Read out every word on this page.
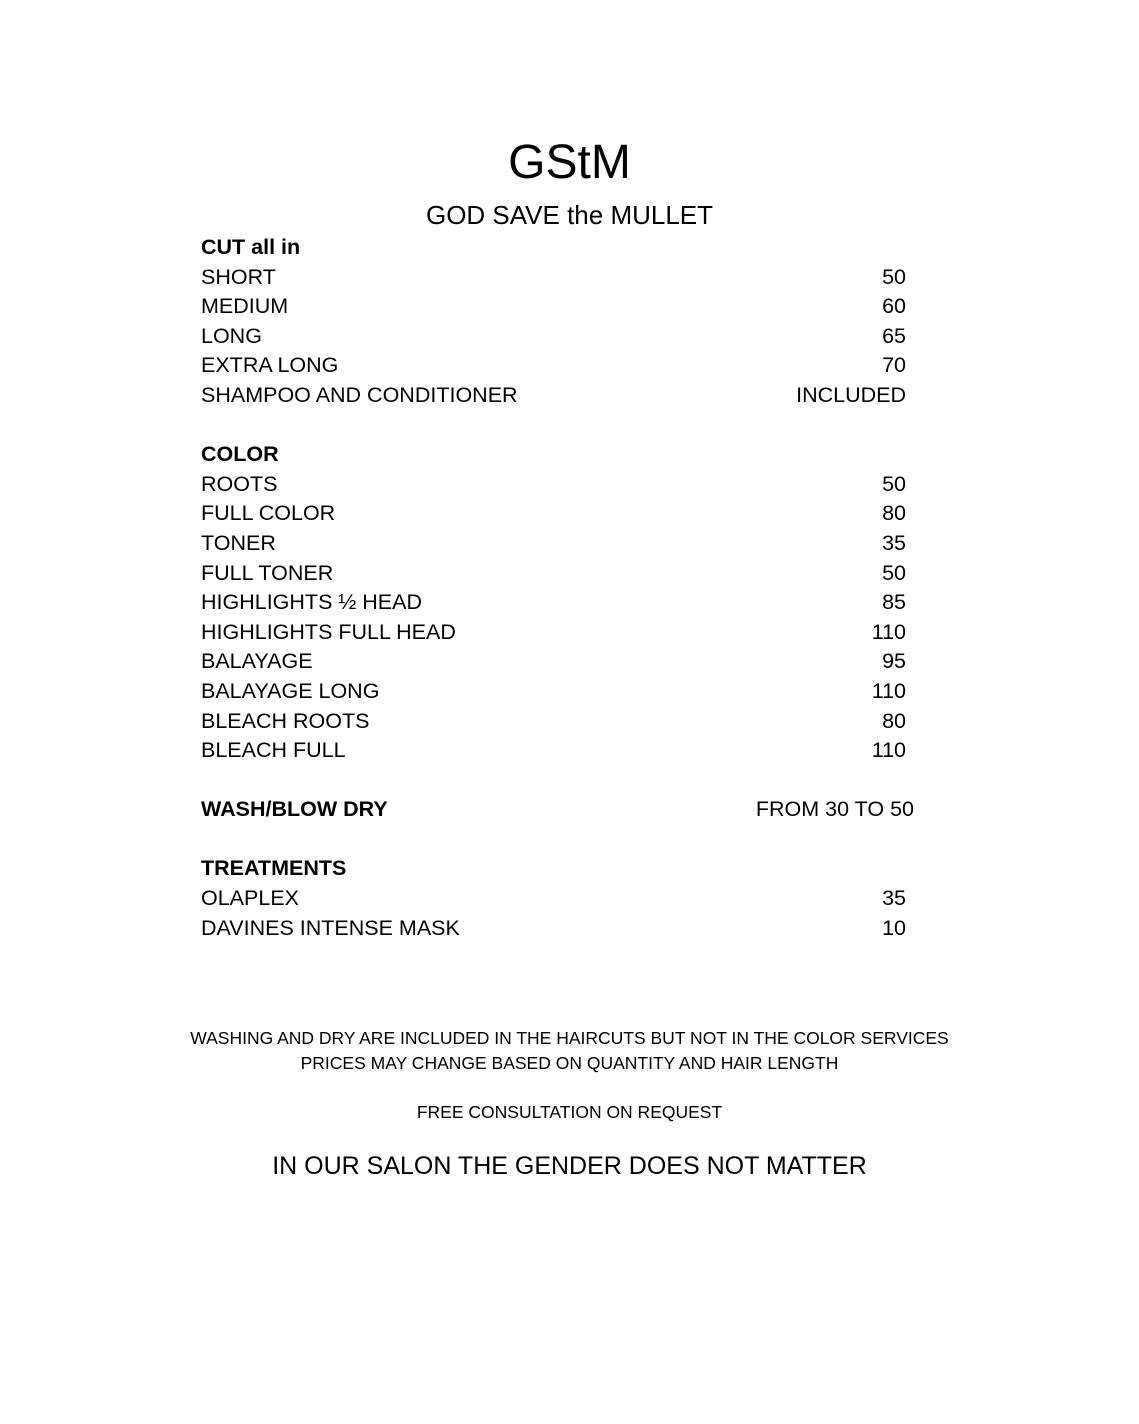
GStM
GOD SAVE the MULLET
CUT all in
SHORT	50
MEDIUM	60
LONG	65
EXTRA LONG	70
SHAMPOO AND CONDITIONER	INCLUDED
COLOR
ROOTS	50
FULL COLOR	80
TONER	35
FULL TONER	50
HIGHLIGHTS ½ HEAD	85
HIGHLIGHTS FULL HEAD	110
BALAYAGE	95
BALAYAGE LONG	110
BLEACH ROOTS	80
BLEACH FULL	110
WASH/BLOW DRY	FROM 30 TO 50
TREATMENTS
OLAPLEX	35
DAVINES INTENSE MASK	10

WASHING AND DRY ARE INCLUDED IN THE HAIRCUTS BUT NOT IN THE COLOR SERVICES

PRICES MAY CHANGE BASED ON QUANTITY AND HAIR LENGTH

FREE CONSULTATION ON REQUEST

IN OUR SALON THE GENDER DOES NOT MATTER
